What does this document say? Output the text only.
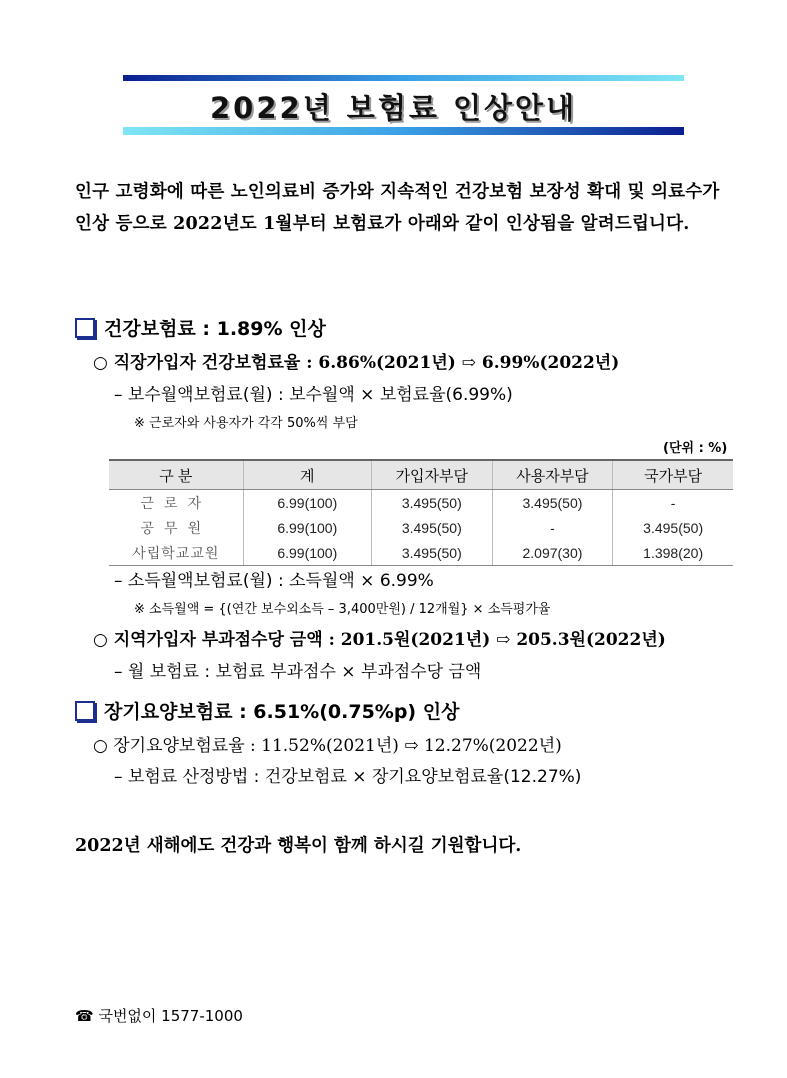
2022년 보험료 인상안내
인구 고령화에 따른 노인의료비 증가와 지속적인 건강보험 보장성 확대 및 의료수가 인상 등으로 2022년도 1월부터 보험료가 아래와 같이 인상됨을 알려드립니다.
건강보험료 : 1.89% 인상
○ 직장가입자 건강보험료율 : 6.86%(2021년) ⇨ 6.99%(2022년)
– 보수월액보험료(월) : 보수월액 × 보험료율(6.99%)
※ 근로자와 사용자가 각각 50%씩 부담
(단위 : %)
구 분	계	가입자부담	사용자부담	국가부담
근로자	6.99(100)	3.495(50)	3.495(50)	-
공무원	6.99(100)	3.495(50)	-	3.495(50)
사립학교교원	6.99(100)	3.495(50)	2.097(30)	1.398(20)
– 소득월액보험료(월) : 소득월액 × 6.99%
※ 소득월액 = {(연간 보수외소득 – 3,400만원) / 12개월} × 소득평가율
○ 지역가입자 부과점수당 금액 : 201.5원(2021년) ⇨ 205.3원(2022년)
– 월 보험료 : 보험료 부과점수 × 부과점수당 금액
장기요양보험료 : 6.51%(0.75%p) 인상
○ 장기요양보험료율 : 11.52%(2021년) ⇨ 12.27%(2022년)
– 보험료 산정방법 : 건강보험료 × 장기요양보험료율(12.27%)
2022년 새해에도 건강과 행복이 함께 하시길 기원합니다.
☎ 국번없이 1577-1000
